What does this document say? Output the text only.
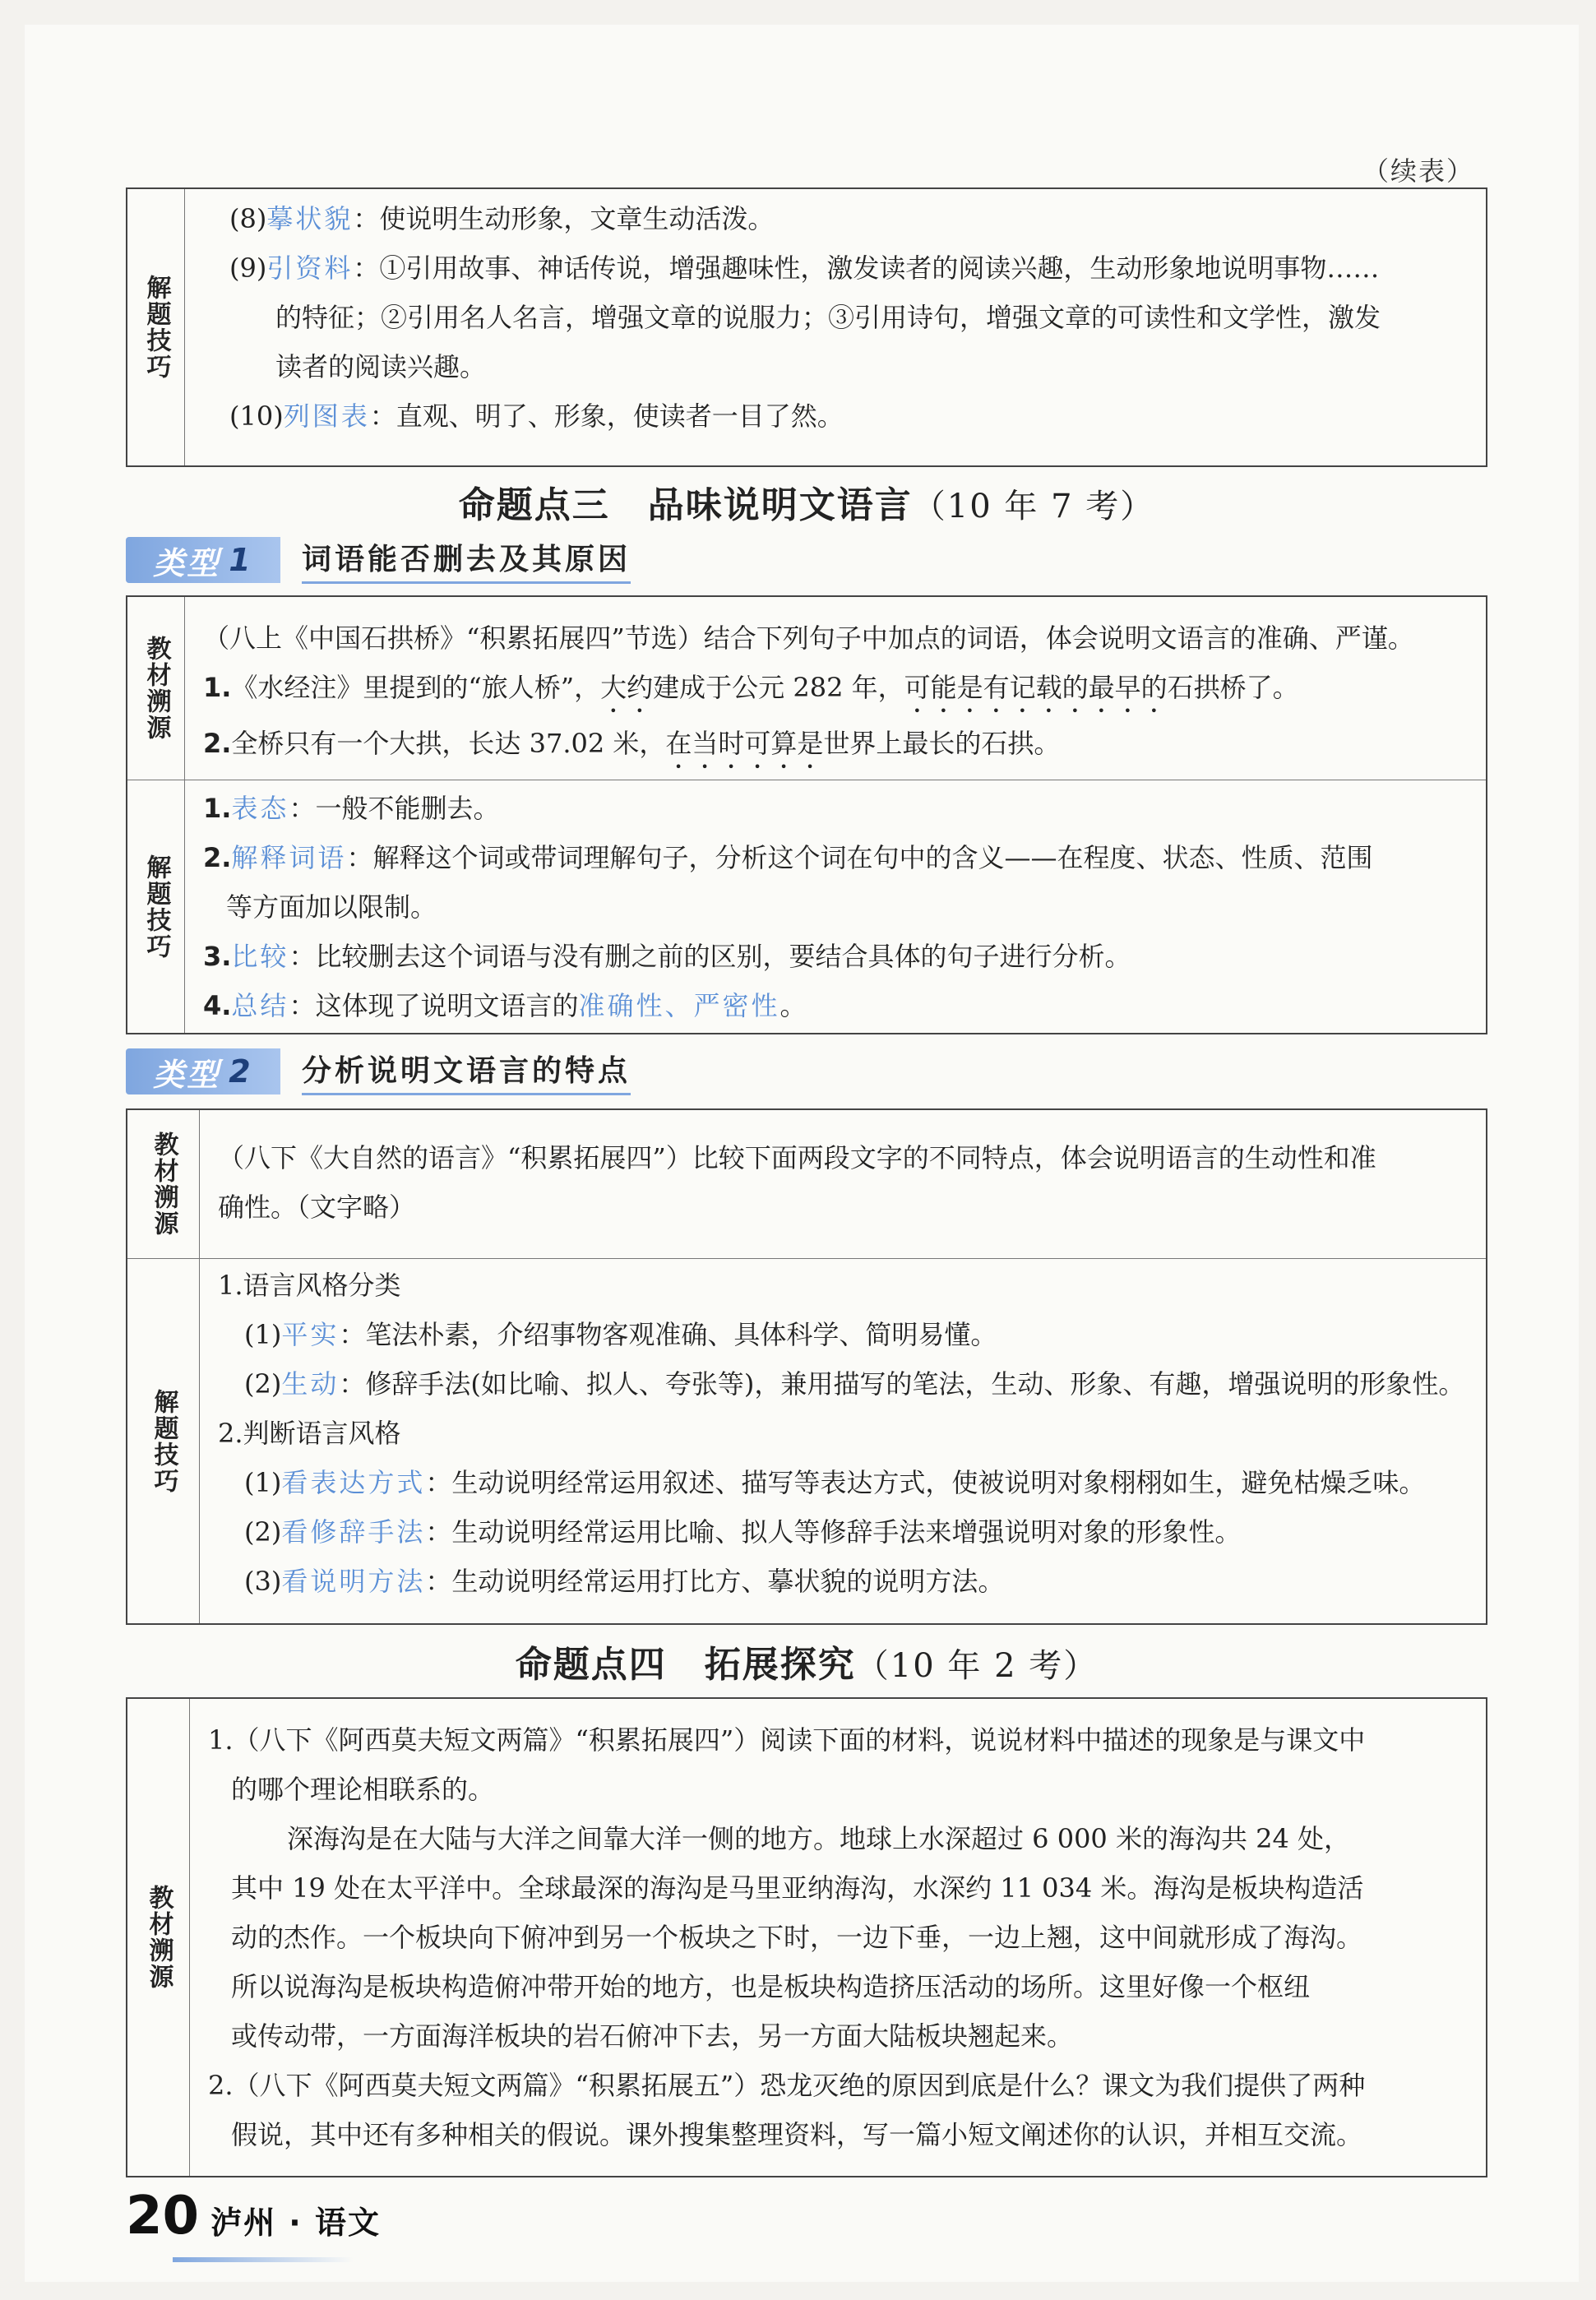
（续表）
解题技巧
(8)摹状貌：使说明生动形象，文章生动活泼。
(9)引资料：①引用故事、神话传说，增强趣味性，激发读者的阅读兴趣，生动形象地说明事物……
的特征；②引用名人名言，增强文章的说服力；③引用诗句，增强文章的可读性和文学性，激发
读者的阅读兴趣。
(10)列图表：直观、明了、形象，使读者一目了然。
命题点三　品味说明文语言（10 年 7 考）
类型 1 词语能否删去及其原因
教材溯源 （八上《中国石拱桥》“积累拓展四”节选）结合下列句子中加点的词语，体会说明文语言的准确、严谨。
1.《水经注》里提到的“旅人桥”，大约建成于公元 282 年，可能是有记载的最早的石拱桥了。
2.全桥只有一个大拱，长达 37.02 米，在当时可算是世界上最长的石拱。
解题技巧
1.表态：一般不能删去。
2.解释词语：解释这个词或带词理解句子，分析这个词在句中的含义——在程度、状态、性质、范围
等方面加以限制。
3.比较：比较删去这个词语与没有删之前的区别，要结合具体的句子进行分析。
4.总结：这体现了说明文语言的准确性、严密性。
类型 2 分析说明文语言的特点
教材溯源 （八下《大自然的语言》“积累拓展四”）比较下面两段文字的不同特点，体会说明语言的生动性和准
确性。（文字略）
解题技巧
1.语言风格分类
(1)平实：笔法朴素，介绍事物客观准确、具体科学、简明易懂。
(2)生动：修辞手法(如比喻、拟人、夸张等)，兼用描写的笔法，生动、形象、有趣，增强说明的形象性。
2.判断语言风格
(1)看表达方式：生动说明经常运用叙述、描写等表达方式，使被说明对象栩栩如生，避免枯燥乏味。
(2)看修辞手法：生动说明经常运用比喻、拟人等修辞手法来增强说明对象的形象性。
(3)看说明方法：生动说明经常运用打比方、摹状貌的说明方法。
命题点四　拓展探究（10 年 2 考）
教材溯源
1.（八下《阿西莫夫短文两篇》“积累拓展四”）阅读下面的材料，说说材料中描述的现象是与课文中
的哪个理论相联系的。
深海沟是在大陆与大洋之间靠大洋一侧的地方。地球上水深超过 6 000 米的海沟共 24 处，
其中 19 处在太平洋中。全球最深的海沟是马里亚纳海沟，水深约 11 034 米。海沟是板块构造活
动的杰作。一个板块向下俯冲到另一个板块之下时，一边下垂，一边上翘，这中间就形成了海沟。
所以说海沟是板块构造俯冲带开始的地方，也是板块构造挤压活动的场所。这里好像一个枢纽
或传动带，一方面海洋板块的岩石俯冲下去，另一方面大陆板块翘起来。
2.（八下《阿西莫夫短文两篇》“积累拓展五”）恐龙灭绝的原因到底是什么？课文为我们提供了两种
假说，其中还有多种相关的假说。课外搜集整理资料，写一篇小短文阐述你的认识，并相互交流。
20 泸州 · 语文
